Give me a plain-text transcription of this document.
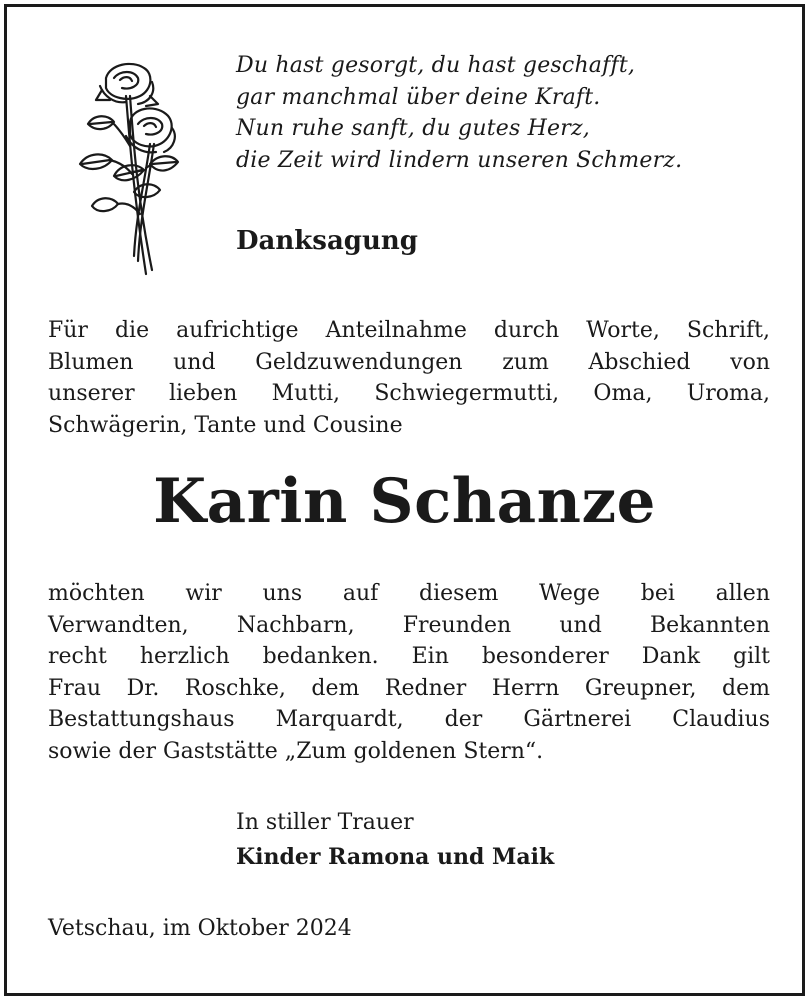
Du hast gesorgt, du hast geschafft,
gar manchmal über deine Kraft.
Nun ruhe sanft, du gutes Herz,
die Zeit wird lindern unseren Schmerz.
Danksagung
Für die aufrichtige Anteilnahme durch Worte, Schrift,
Blumen und Geldzuwendungen zum Abschied von
unserer lieben Mutti, Schwiegermutti, Oma, Uroma,
Schwägerin, Tante und Cousine
Karin Schanze
möchten wir uns auf diesem Wege bei allen
Verwandten, Nachbarn, Freunden und Bekannten
recht herzlich bedanken. Ein besonderer Dank gilt
Frau Dr. Roschke, dem Redner Herrn Greupner, dem
Bestattungshaus Marquardt, der Gärtnerei Claudius
sowie der Gaststätte „Zum goldenen Stern“.
In stiller Trauer
Kinder Ramona und Maik
Vetschau, im Oktober 2024
